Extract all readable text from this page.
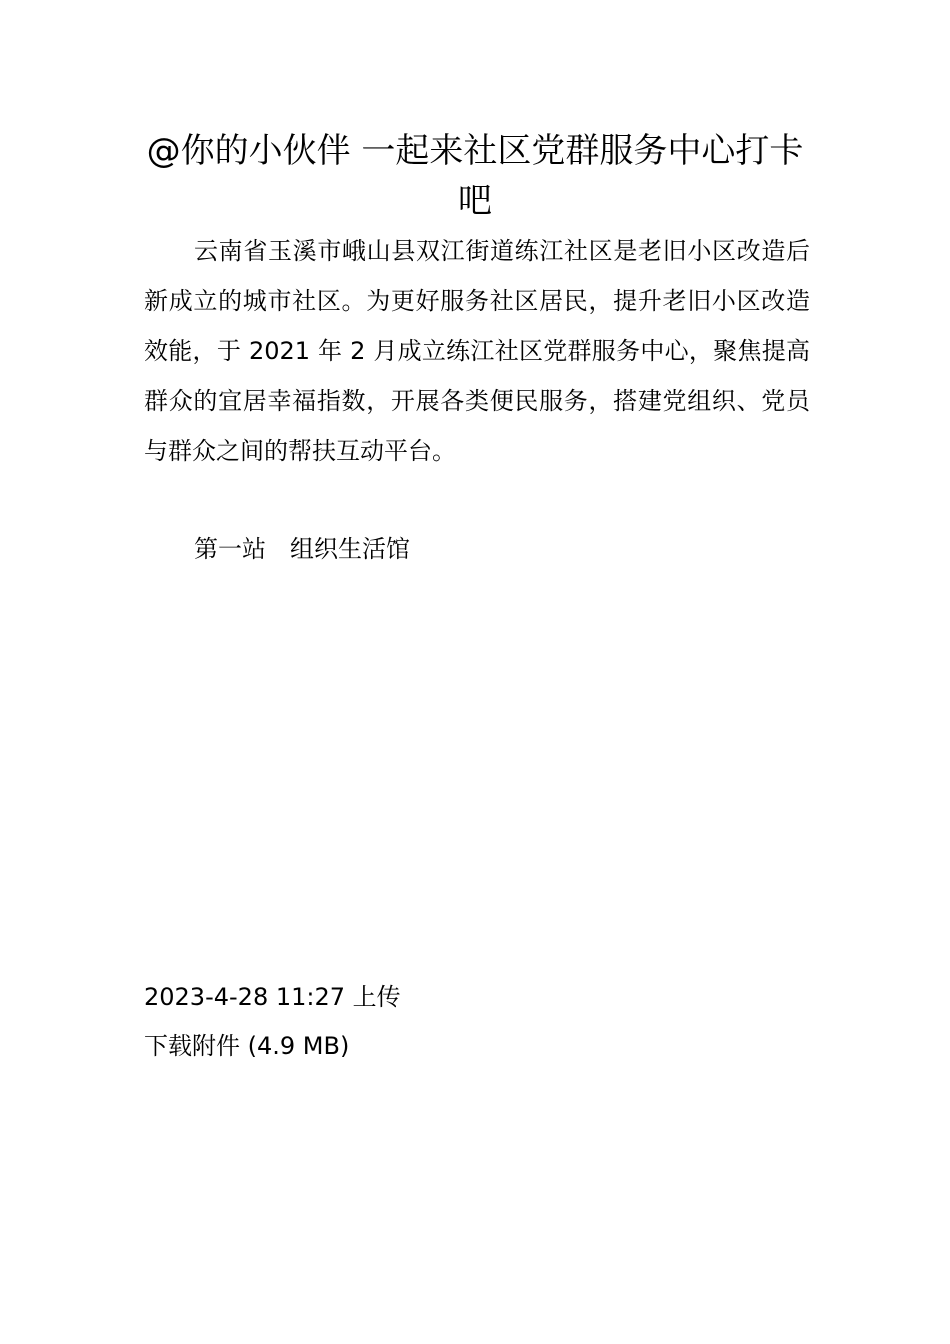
@你的小伙伴 一起来社区党群服务中心打卡吧

云南省玉溪市峨山县双江街道练江社区是老旧小区改造后新成立的城市社区。为更好服务社区居民，提升老旧小区改造效能，于 2021 年 2 月成立练江社区党群服务中心，聚焦提高群众的宜居幸福指数，开展各类便民服务，搭建党组织、党员与群众之间的帮扶互动平台。

第一站　组织生活馆

2023-4-28 11:27 上传

下载附件 (4.9 MB)
